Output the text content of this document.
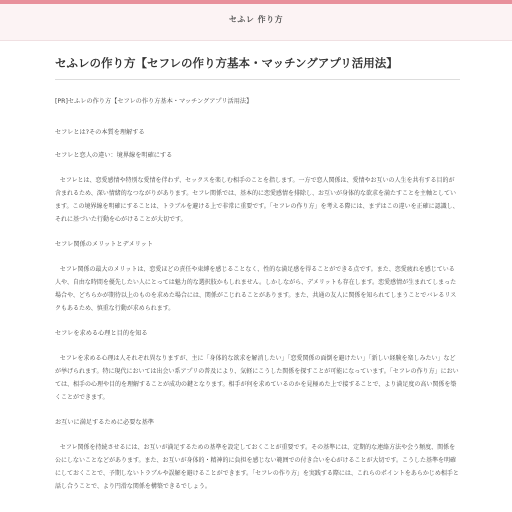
セふレ 作り方
セふレの作り方【セフレの作り方基本・マッチングアプリ活用法】

[PR]セふレの作り方【セフレの作り方基本・マッチングアプリ活用法】

セフレとは?その本質を理解する
セフレと恋人の違い：境界線を明確にする

セフレとは、恋愛感情や特別な愛情を伴わず、セックスを楽しむ相手のことを指します。一方で恋人関係は、愛情やお互いの人生を共有する目的が含まれるため、深い情緒的なつながりがあります。セフレ関係では、基本的に恋愛感情を排除し、お互いが身体的な欲求を満たすことを主軸としています。この境界線を明確にすることは、トラブルを避ける上で非常に重要です。「セフレの作り方」を考える際には、まずはこの違いを正確に認識し、それに基づいた行動を心がけることが大切です。

セフレ関係のメリットとデメリット

セフレ関係の最大のメリットは、恋愛ほどの責任や束縛を感じることなく、性的な満足感を得ることができる点です。また、恋愛疲れを感じている人や、自由な時間を優先したい人にとっては魅力的な選択肢かもしれません。しかしながら、デメリットも存在します。恋愛感情が生まれてしまった場合や、どちらかが期待以上のものを求めた場合には、関係がこじれることがあります。また、共通の友人に関係を知られてしまうことでバレるリスクもあるため、慎重な行動が求められます。

セフレを求める心理と目的を知る

セフレを求める心理は人それぞれ異なりますが、主に「身体的な欲求を解消したい」「恋愛関係の面倒を避けたい」「新しい経験を楽しみたい」などが挙げられます。特に現代においては出会い系アプリの普及により、気軽にこうした関係を探すことが可能になっています。「セフレの作り方」においては、相手の心理や目的を理解することが成功の鍵となります。相手が何を求めているのかを見極めた上で接することで、より満足度の高い関係を築くことができます。

お互いに満足するために必要な基準

セフレ関係を持続させるには、お互いが満足するための基準を設定しておくことが重要です。その基準には、定期的な連絡方法や会う頻度、関係を公にしないことなどがあります。また、お互いが身体的・精神的に負担を感じない範囲での付き合いを心がけることが大切です。こうした基準を明確にしておくことで、予期しないトラブルや誤解を避けることができます。「セフレの作り方」を実践する際には、これらのポイントをあらかじめ相手と話し合うことで、より円滑な関係を構築できるでしょう。
